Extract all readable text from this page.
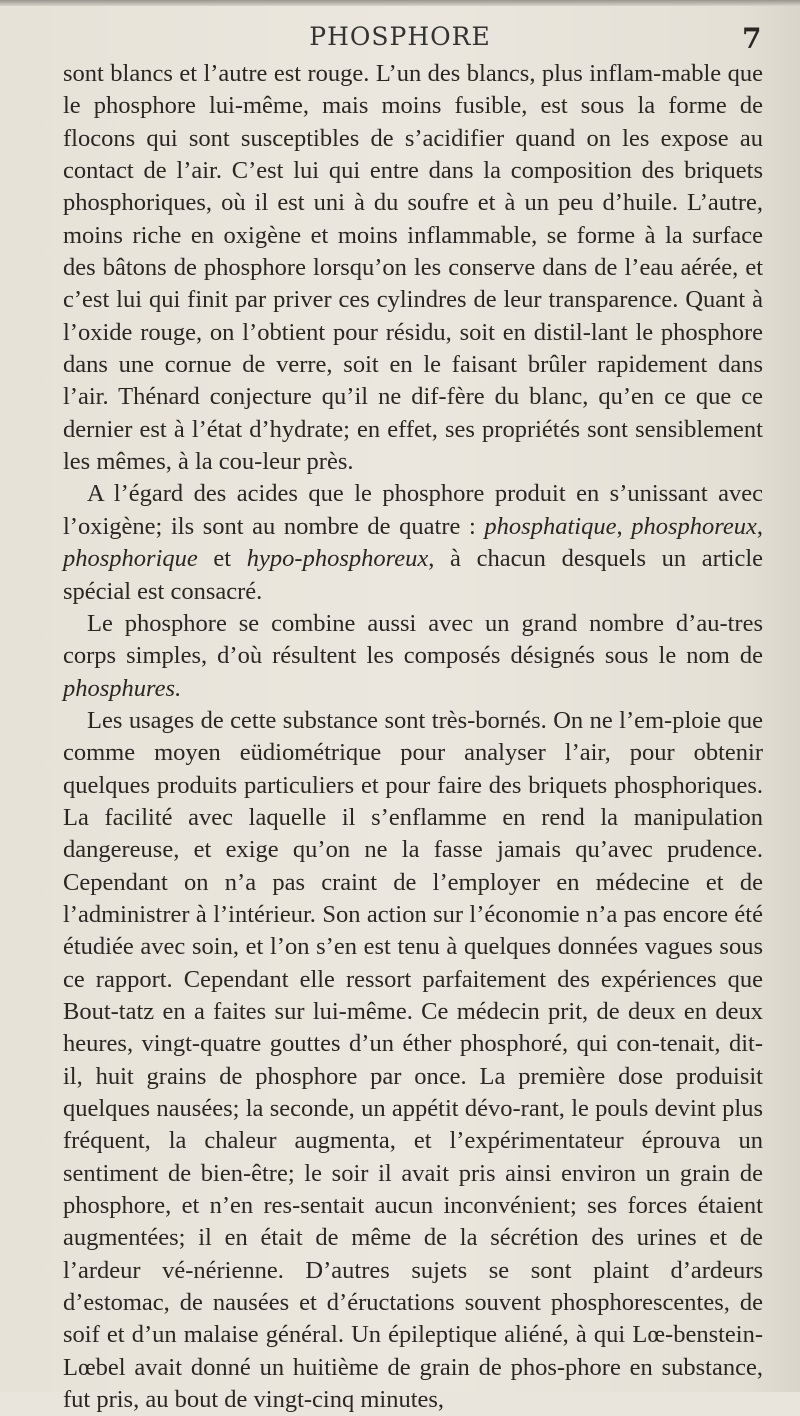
PHOSPHORE	7

sont blancs et l’autre est rouge. L’un des blancs, plus inflam-mable que le phosphore lui-même, mais moins fusible, est sous la forme de flocons qui sont susceptibles de s’acidifier quand on les expose au contact de l’air. C’est lui qui entre dans la composition des briquets phosphoriques, où il est uni à du soufre et à un peu d’huile. L’autre, moins riche en oxigène et moins inflammable, se forme à la surface des bâtons de phosphore lorsqu’on les conserve dans de l’eau aérée, et c’est lui qui finit par priver ces cylindres de leur transparence. Quant à l’oxide rouge, on l’obtient pour résidu, soit en distil-lant le phosphore dans une cornue de verre, soit en le faisant brûler rapidement dans l’air. Thénard conjecture qu’il ne dif-fère du blanc, qu’en ce que ce dernier est à l’état d’hydrate; en effet, ses propriétés sont sensiblement les mêmes, à la cou-leur près.

A l’égard des acides que le phosphore produit en s’unissant avec l’oxigène; ils sont au nombre de quatre : phosphatique, phosphoreux, phosphorique et hypo-phosphoreux, à chacun desquels un article spécial est consacré.

Le phosphore se combine aussi avec un grand nombre d’au-tres corps simples, d’où résultent les composés désignés sous le nom de phosphures.

Les usages de cette substance sont très-bornés. On ne l’em-ploie que comme moyen eüdiométrique pour analyser l’air, pour obtenir quelques produits particuliers et pour faire des briquets phosphoriques. La facilité avec laquelle il s’enflamme en rend la manipulation dangereuse, et exige qu’on ne la fasse jamais qu’avec prudence. Cependant on n’a pas craint de l’employer en médecine et de l’administrer à l’intérieur. Son action sur l’économie n’a pas encore été étudiée avec soin, et l’on s’en est tenu à quelques données vagues sous ce rapport. Cependant elle ressort parfaitement des expériences que Bout-tatz en a faites sur lui-même. Ce médecin prit, de deux en deux heures, vingt-quatre gouttes d’un éther phosphoré, qui con-tenait, dit-il, huit grains de phosphore par once. La première dose produisit quelques nausées; la seconde, un appétit dévo-rant, le pouls devint plus fréquent, la chaleur augmenta, et l’expérimentateur éprouva un sentiment de bien-être; le soir il avait pris ainsi environ un grain de phosphore, et n’en res-sentait aucun inconvénient; ses forces étaient augmentées; il en était de même de la sécrétion des urines et de l’ardeur vé-nérienne. D’autres sujets se sont plaint d’ardeurs d’estomac, de nausées et d’éructations souvent phosphorescentes, de soif et d’un malaise général. Un épileptique aliéné, à qui Lœ-benstein-Lœbel avait donné un huitième de grain de phos-phore en substance, fut pris, au bout de vingt-cinq minutes,
